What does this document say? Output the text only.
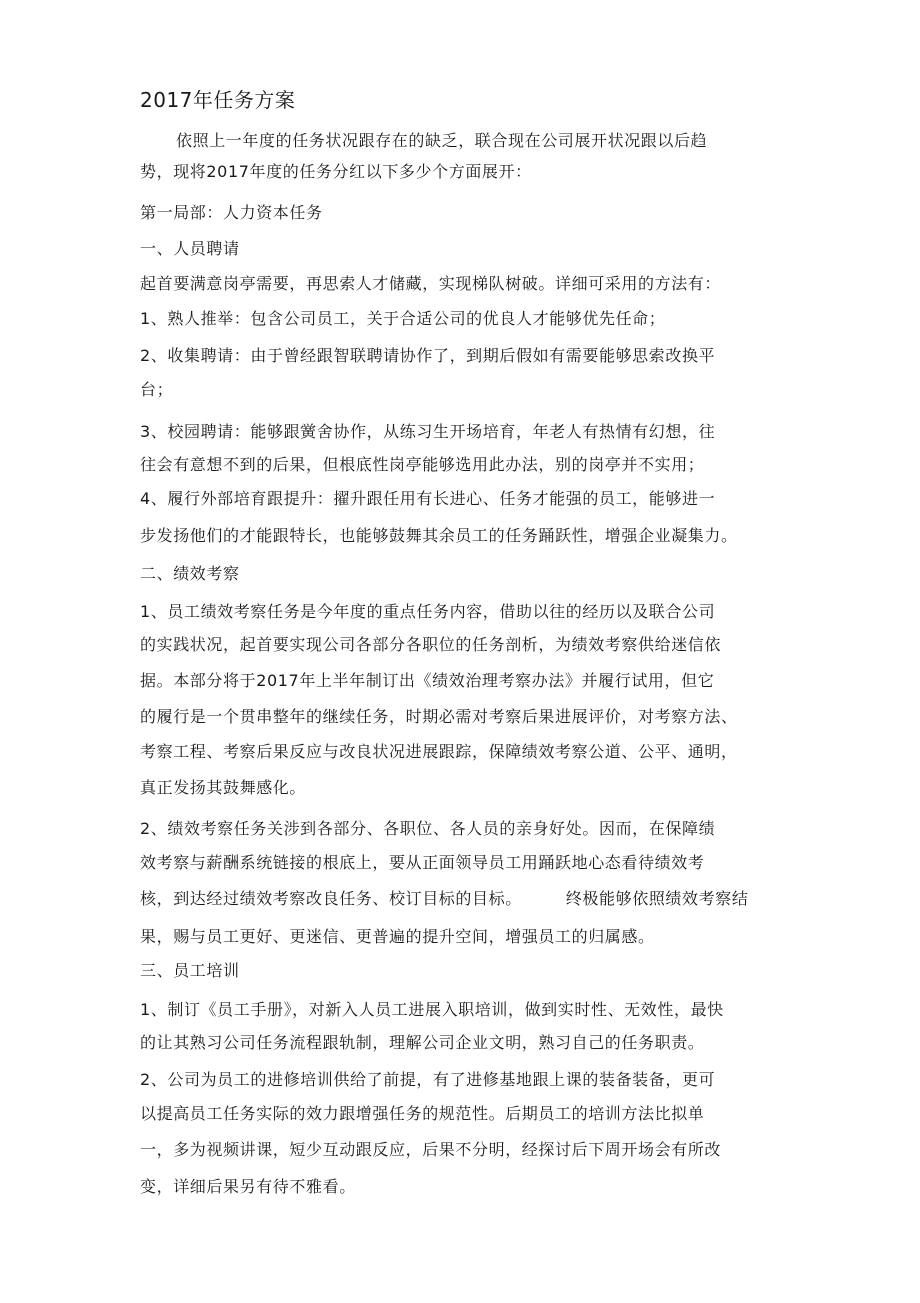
2017年任务方案
依照上一年度的任务状况跟存在的缺乏，联合现在公司展开状况跟以后趋
势，现将2017年度的任务分红以下多少个方面展开：
第一局部：人力资本任务
一、人员聘请
起首要满意岗亭需要，再思索人才储藏，实现梯队树破。详细可采用的方法有：
1、熟人推举：包含公司员工，关于合适公司的优良人才能够优先任命；
2、收集聘请：由于曾经跟智联聘请协作了，到期后假如有需要能够思索改换平
台；
3、校园聘请：能够跟黉舍协作，从练习生开场培育，年老人有热情有幻想，往
往会有意想不到的后果，但根底性岗亭能够选用此办法，别的岗亭并不实用；
4、履行外部培育跟提升：擢升跟任用有长进心、任务才能强的员工，能够进一
步发扬他们的才能跟特长，也能够鼓舞其余员工的任务踊跃性，增强企业凝集力。
二、绩效考察
1、员工绩效考察任务是今年度的重点任务内容，借助以往的经历以及联合公司
的实践状况，起首要实现公司各部分各职位的任务剖析，为绩效考察供给迷信依
据。本部分将于2017年上半年制订出《绩效治理考察办法》并履行试用，但它
的履行是一个贯串整年的继续任务，时期必需对考察后果进展评价，对考察方法、
考察工程、考察后果反应与改良状况进展跟踪，保障绩效考察公道、公平、通明，
真正发扬其鼓舞感化。
2、绩效考察任务关涉到各部分、各职位、各人员的亲身好处。因而，在保障绩
效考察与薪酬系统链接的根底上，要从正面领导员工用踊跃地心态看待绩效考
核，到达经过绩效考察改良任务、校订目标的目标。	终极能够依照绩效考察结
果，赐与员工更好、更迷信、更普遍的提升空间，增强员工的归属感。
三、员工培训
1、制订《员工手册》，对新入人员工进展入职培训，做到实时性、无效性，最快
的让其熟习公司任务流程跟轨制，理解公司企业文明，熟习自己的任务职责。
2、公司为员工的进修培训供给了前提，有了进修基地跟上课的装备装备，更可
以提高员工任务实际的效力跟增强任务的规范性。后期员工的培训方法比拟单
一，多为视频讲课，短少互动跟反应，后果不分明，经探讨后下周开场会有所改
变，详细后果另有待不雅看。
